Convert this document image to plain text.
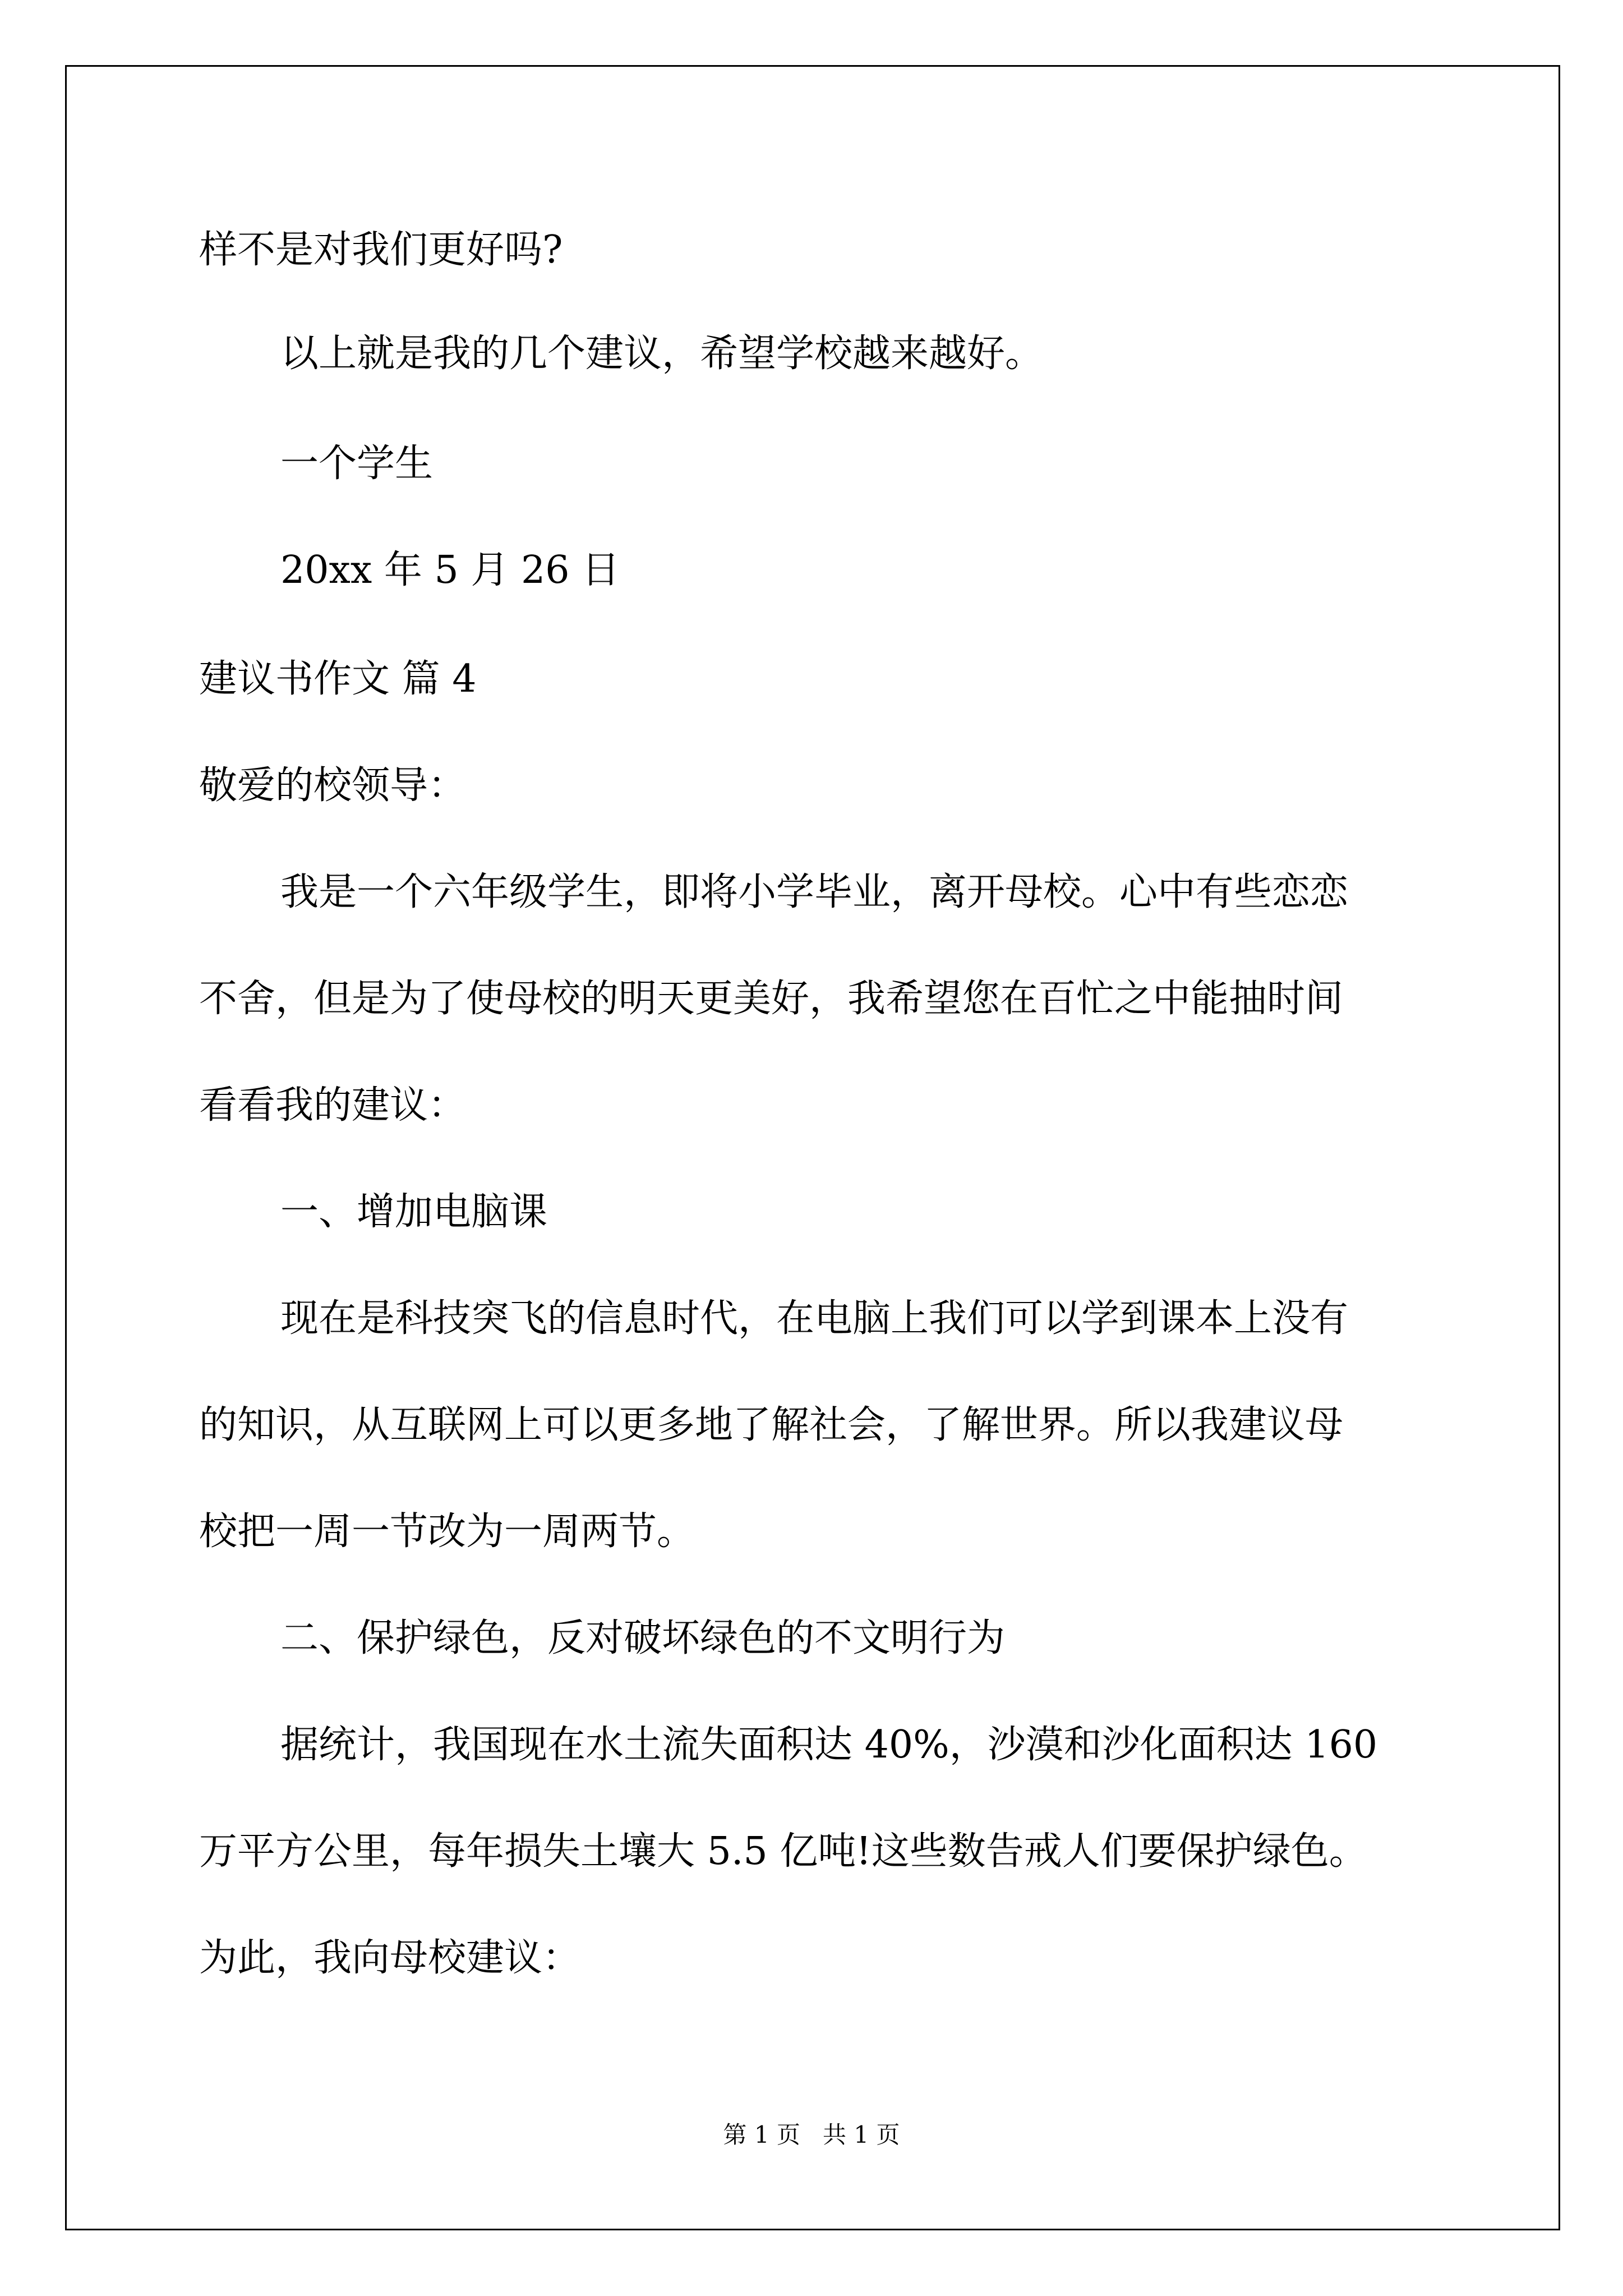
样不是对我们更好吗?
以上就是我的几个建议，希望学校越来越好。
一个学生
20xx 年 5 月 26 日
建议书作文 篇 4
敬爱的校领导：
我是一个六年级学生，即将小学毕业，离开母校。心中有些恋恋
不舍，但是为了使母校的明天更美好，我希望您在百忙之中能抽时间
看看我的建议：
一、增加电脑课
现在是科技突飞的信息时代，在电脑上我们可以学到课本上没有
的知识，从互联网上可以更多地了解社会，了解世界。所以我建议母
校把一周一节改为一周两节。
二、保护绿色，反对破坏绿色的不文明行为
据统计，我国现在水土流失面积达 40%，沙漠和沙化面积达 160
万平方公里，每年损失土壤大 5.5 亿吨!这些数告戒人们要保护绿色。
为此，我向母校建议：
第 1 页   共 1 页
